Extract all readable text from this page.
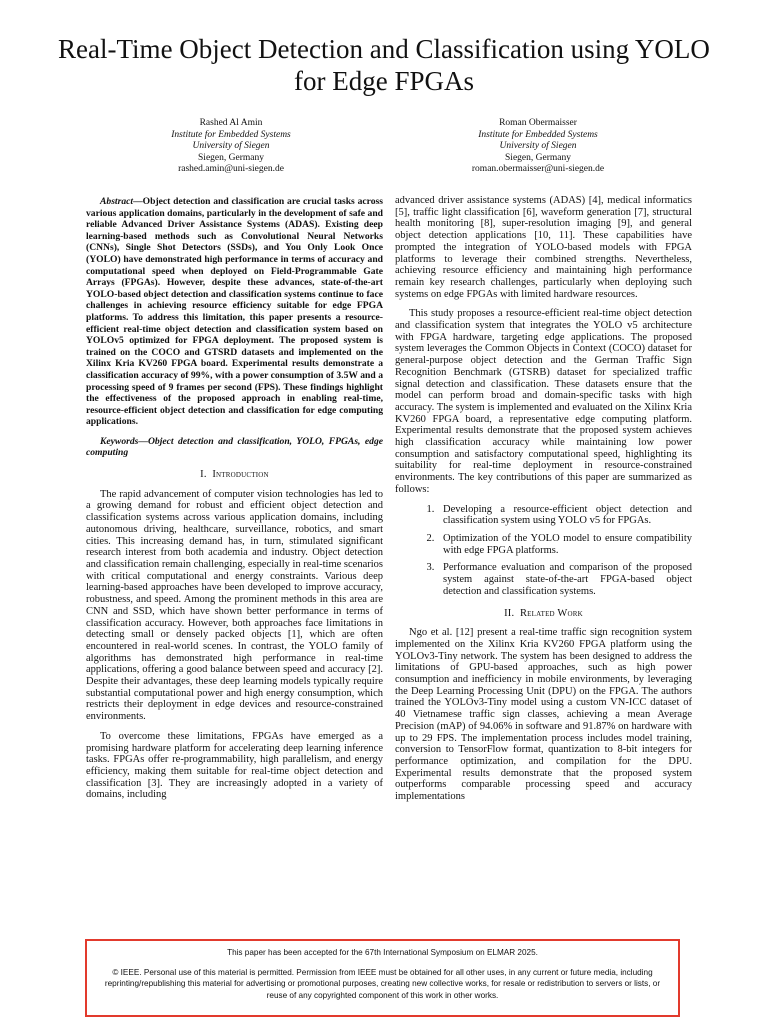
Real-Time Object Detection and Classification using YOLO for Edge FPGAs
Rashed Al Amin
Institute for Embedded Systems
University of Siegen
Siegen, Germany
rashed.amin@uni-siegen.de
Roman Obermaisser
Institute for Embedded Systems
University of Siegen
Siegen, Germany
roman.obermaisser@uni-siegen.de

Abstract—Object detection and classification are crucial tasks across various application domains, particularly in the development of safe and reliable Advanced Driver Assistance Systems (ADAS). Existing deep learning-based methods such as Convolutional Neural Networks (CNNs), Single Shot Detectors (SSDs), and You Only Look Once (YOLO) have demonstrated high performance in terms of accuracy and computational speed when deployed on Field-Programmable Gate Arrays (FPGAs). However, despite these advances, state-of-the-art YOLO-based object detection and classification systems continue to face challenges in achieving resource efficiency suitable for edge FPGA platforms. To address this limitation, this paper presents a resource-efficient real-time object detection and classification system based on YOLOv5 optimized for FPGA deployment. The proposed system is trained on the COCO and GTSRD datasets and implemented on the Xilinx Kria KV260 FPGA board. Experimental results demonstrate a classification accuracy of 99%, with a power consumption of 3.5W and a processing speed of 9 frames per second (FPS). These findings highlight the effectiveness of the proposed approach in enabling real-time, resource-efficient object detection and classification for edge computing applications.

Keywords—Object detection and classification, YOLO, FPGAs, edge computing

I. Introduction

The rapid advancement of computer vision technologies has led to a growing demand for robust and efficient object detection and classification systems across various application domains, including autonomous driving, healthcare, surveillance, robotics, and smart cities. This increasing demand has, in turn, stimulated significant research interest from both academia and industry. Object detection and classification remain challenging, especially in real-time scenarios with critical computational and energy constraints. Various deep learning-based approaches have been developed to improve accuracy, robustness, and speed. Among the prominent methods in this area are CNN and SSD, which have shown better performance in terms of classification accuracy. However, both approaches face limitations in detecting small or densely packed objects [1], which are often encountered in real-world scenes. In contrast, the YOLO family of algorithms has demonstrated high performance in real-time applications, offering a good balance between speed and accuracy [2]. Despite their advantages, these deep learning models typically require substantial computational power and high energy consumption, which restricts their deployment in edge devices and resource-constrained environments.

To overcome these limitations, FPGAs have emerged as a promising hardware platform for accelerating deep learning inference tasks. FPGAs offer re-programmability, high parallelism, and energy efficiency, making them suitable for real-time object detection and classification [3]. They are increasingly adopted in a variety of domains, including

advanced driver assistance systems (ADAS) [4], medical informatics [5], traffic light classification [6], waveform generation [7], structural health monitoring [8], super-resolution imaging [9], and general object detection applications [10, 11]. These capabilities have prompted the integration of YOLO-based models with FPGA platforms to leverage their combined strengths. Nevertheless, achieving resource efficiency and maintaining high performance remain key research challenges, particularly when deploying such systems on edge FPGAs with limited hardware resources.

This study proposes a resource-efficient real-time object detection and classification system that integrates the YOLO v5 architecture with FPGA hardware, targeting edge applications. The proposed system leverages the Common Objects in Context (COCO) dataset for general-purpose object detection and the German Traffic Sign Recognition Benchmark (GTSRB) dataset for specialized traffic signal detection and classification. These datasets ensure that the model can perform broad and domain-specific tasks with high accuracy. The system is implemented and evaluated on the Xilinx Kria KV260 FPGA board, a representative edge computing platform. Experimental results demonstrate that the proposed system achieves high classification accuracy while maintaining low power consumption and satisfactory computational speed, highlighting its suitability for real-time deployment in resource-constrained environments. The key contributions of this paper are summarized as follows:

1. Developing a resource-efficient object detection and classification system using YOLO v5 for FPGAs.
2. Optimization of the YOLO model to ensure compatibility with edge FPGA platforms.
3. Performance evaluation and comparison of the proposed system against state-of-the-art FPGA-based object detection and classification systems.
II. Related Work

Ngo et al. [12] present a real-time traffic sign recognition system implemented on the Xilinx Kria KV260 FPGA platform using the YOLOv3-Tiny network. The system has been designed to address the limitations of GPU-based approaches, such as high power consumption and inefficiency in mobile environments, by leveraging the Deep Learning Processing Unit (DPU) on the FPGA. The authors trained the YOLOv3-Tiny model using a custom VN-ICC dataset of 40 Vietnamese traffic sign classes, achieving a mean Average Precision (mAP) of 94.06% in software and 91.87% on hardware with up to 29 FPS. The implementation process includes model training, conversion to TensorFlow format, quantization to 8-bit integers for performance optimization, and compilation for the DPU. Experimental results demonstrate that the proposed system outperforms comparable processing speed and accuracy implementations

This paper has been accepted for the 67th International Symposium on ELMAR 2025.
© IEEE. Personal use of this material is permitted. Permission from IEEE must be obtained for all other uses, in any current or future media, including reprinting/republishing this material for advertising or promotional purposes, creating new collective works, for resale or redistribution to servers or lists, or reuse of any copyrighted component of this work in other works.
